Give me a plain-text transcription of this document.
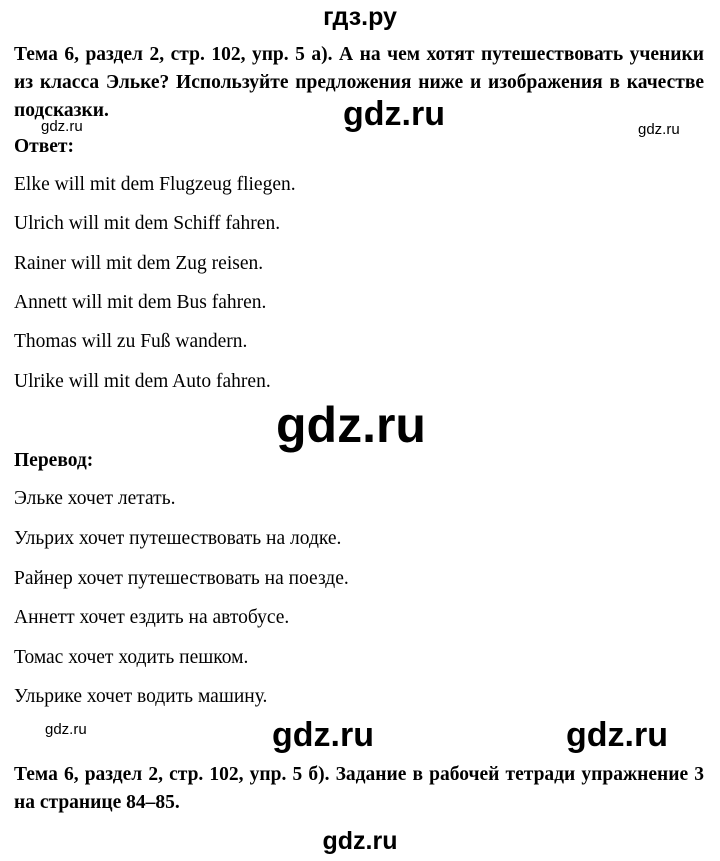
гдз.ру
Тема 6, раздел 2, стр. 102, упр. 5 a). А на чем хотят путешествовать ученики из класса Эльке? Используйте предложения ниже и изображения в качестве подсказки.
gdz.ru	gdz.ru	gdz.ru
Ответ:
Elke will mit dem Flugzeug fliegen.
Ulrich will mit dem Schiff fahren.
Rainer will mit dem Zug reisen.
Annett will mit dem Bus fahren.
Thomas will zu Fuß wandern.
Ulrike will mit dem Auto fahren.
gdz.ru
Перевод:
Эльке хочет летать.
Ульрих хочет путешествовать на лодке.
Райнер хочет путешествовать на поезде.
Аннетт хочет ездить на автобусе.
Томас хочет ходить пешком.
Ульрике хочет водить машину.
gdz.ru	gdz.ru	gdz.ru
Тема 6, раздел 2, стр. 102, упр. 5 б). Задание в рабочей тетради упражнение 3 на странице 84–85.
gdz.ru
